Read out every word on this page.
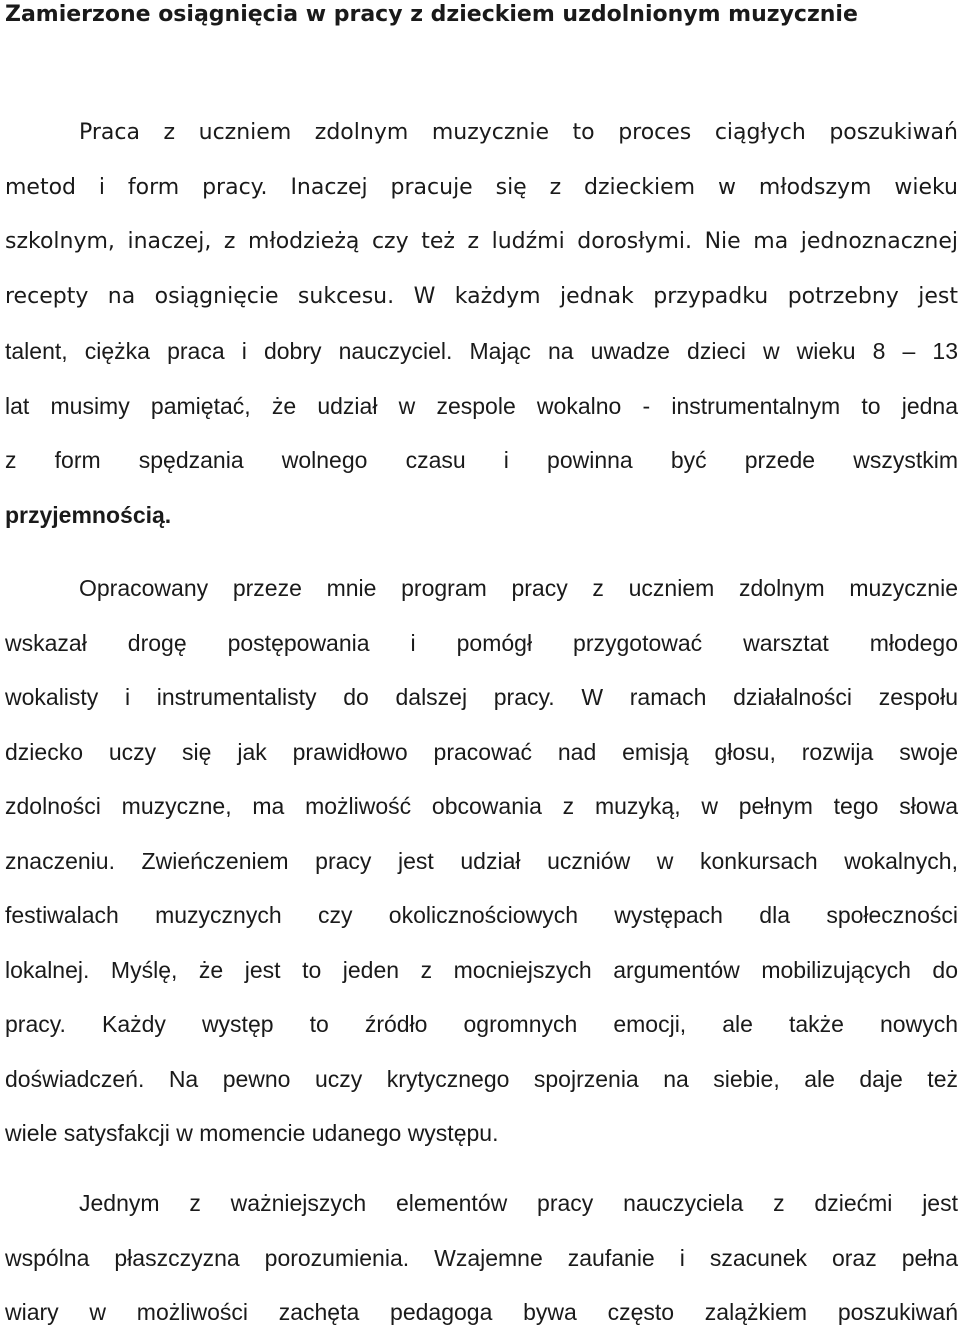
Zamierzone osiągnięcia w pracy z dzieckiem uzdolnionym muzycznie
Praca z uczniem zdolnym muzycznie to proces ciągłych poszukiwań
metod i form pracy. Inaczej pracuje się z dzieckiem w młodszym wieku
szkolnym, inaczej, z młodzieżą czy też z ludźmi dorosłymi. Nie ma jednoznacznej
recepty na osiągnięcie sukcesu. W każdym jednak przypadku potrzebny jest
talent, ciężka praca i dobry nauczyciel. Mając na uwadze dzieci w wieku 8 – 13
lat musimy pamiętać, że udział w zespole wokalno - instrumentalnym to jedna
z form spędzania wolnego czasu i powinna być przede wszystkim
przyjemnością.
Opracowany przeze mnie program pracy z uczniem zdolnym muzycznie
wskazał drogę postępowania i pomógł przygotować warsztat młodego
wokalisty i instrumentalisty do dalszej pracy. W ramach działalności zespołu
dziecko uczy się jak prawidłowo pracować nad emisją głosu, rozwija swoje
zdolności muzyczne, ma możliwość obcowania z muzyką, w pełnym tego słowa
znaczeniu. Zwieńczeniem pracy jest udział uczniów w konkursach wokalnych,
festiwalach muzycznych czy okolicznościowych występach dla społeczności
lokalnej. Myślę, że jest to jeden z mocniejszych argumentów mobilizujących do
pracy. Każdy występ to źródło ogromnych emocji, ale także nowych
doświadczeń. Na pewno uczy krytycznego spojrzenia na siebie, ale daje też
wiele satysfakcji w momencie udanego występu.
Jednym z ważniejszych elementów pracy nauczyciela z dziećmi jest
wspólna płaszczyzna porozumienia. Wzajemne zaufanie i szacunek oraz pełna
wiary w możliwości zachęta pedagoga bywa często zalążkiem poszukiwań
